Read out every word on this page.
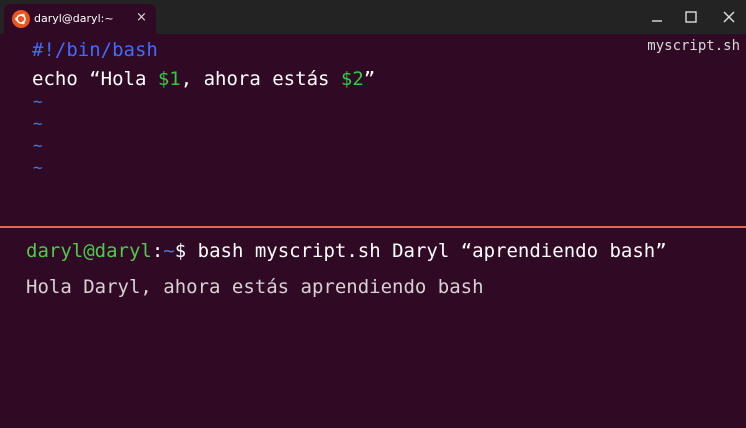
daryl@daryl:~ ×
myscript.sh
#!/bin/bash
echo “Hola $1, ahora estás $2”
~
~
~
~
daryl@daryl:~$ bash myscript.sh Daryl “aprendiendo bash”
Hola Daryl, ahora estás aprendiendo bash
